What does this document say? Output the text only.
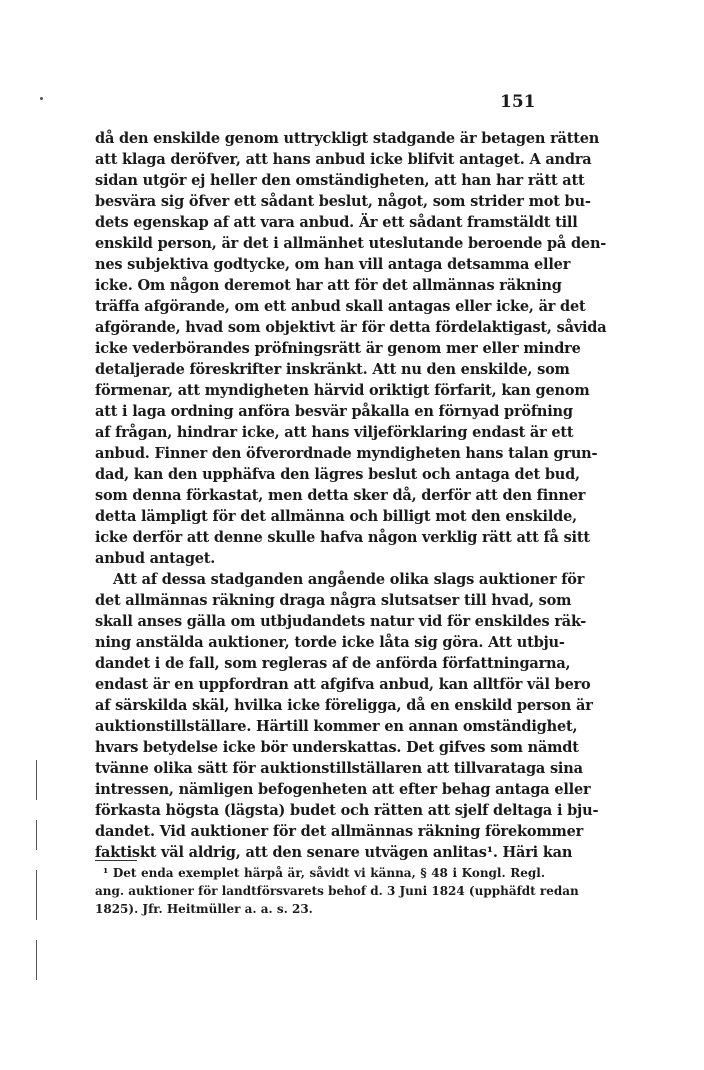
151
då den enskilde genom uttryckligt stadgande är betagen rätten
att klaga deröfver, att hans anbud icke blifvit antaget. A andra
sidan utgör ej heller den omständigheten, att han har rätt att
besvära sig öfver ett sådant beslut, något, som strider mot bu-
dets egenskap af att vara anbud. Är ett sådant framstäldt till
enskild person, är det i allmänhet uteslutande beroende på den-
nes subjektiva godtycke, om han vill antaga detsamma eller
icke. Om någon deremot har att för det allmännas räkning
träffa afgörande, om ett anbud skall antagas eller icke, är det
afgörande, hvad som objektivt är för detta fördelaktigast, såvida
icke vederbörandes pröfningsrätt är genom mer eller mindre
detaljerade föreskrifter inskränkt. Att nu den enskilde, som
förmenar, att myndigheten härvid oriktigt förfarit, kan genom
att i laga ordning anföra besvär påkalla en förnyad pröfning
af frågan, hindrar icke, att hans viljeförklaring endast är ett
anbud. Finner den öfverordnade myndigheten hans talan grun-
dad, kan den upphäfva den lägres beslut och antaga det bud,
som denna förkastat, men detta sker då, derför att den finner
detta lämpligt för det allmänna och billigt mot den enskilde,
icke derför att denne skulle hafva någon verklig rätt att få sitt
anbud antaget.
Att af dessa stadganden angående olika slags auktioner för
det allmännas räkning draga några slutsatser till hvad, som
skall anses gälla om utbjudandets natur vid för enskildes räk-
ning anstälda auktioner, torde icke låta sig göra. Att utbju-
dandet i de fall, som regleras af de anförda författningarna,
endast är en uppfordran att afgifva anbud, kan alltför väl bero
af särskilda skäl, hvilka icke föreligga, då en enskild person är
auktionstillställare. Härtill kommer en annan omständighet,
hvars betydelse icke bör underskattas. Det gifves som nämdt
tvänne olika sätt för auktionstillställaren att tillvarataga sina
intressen, nämligen befogenheten att efter behag antaga eller
förkasta högsta (lägsta) budet och rätten att sjelf deltaga i bju-
dandet. Vid auktioner för det allmännas räkning förekommer
faktiskt väl aldrig, att den senare utvägen anlitas¹. Häri kan
¹ Det enda exemplet härpå är, såvidt vi känna, § 48 i Kongl. Regl.
ang. auktioner för landtförsvarets behof d. 3 Juni 1824 (upphäfdt redan
1825). Jfr. Heitmüller a. a. s. 23.
